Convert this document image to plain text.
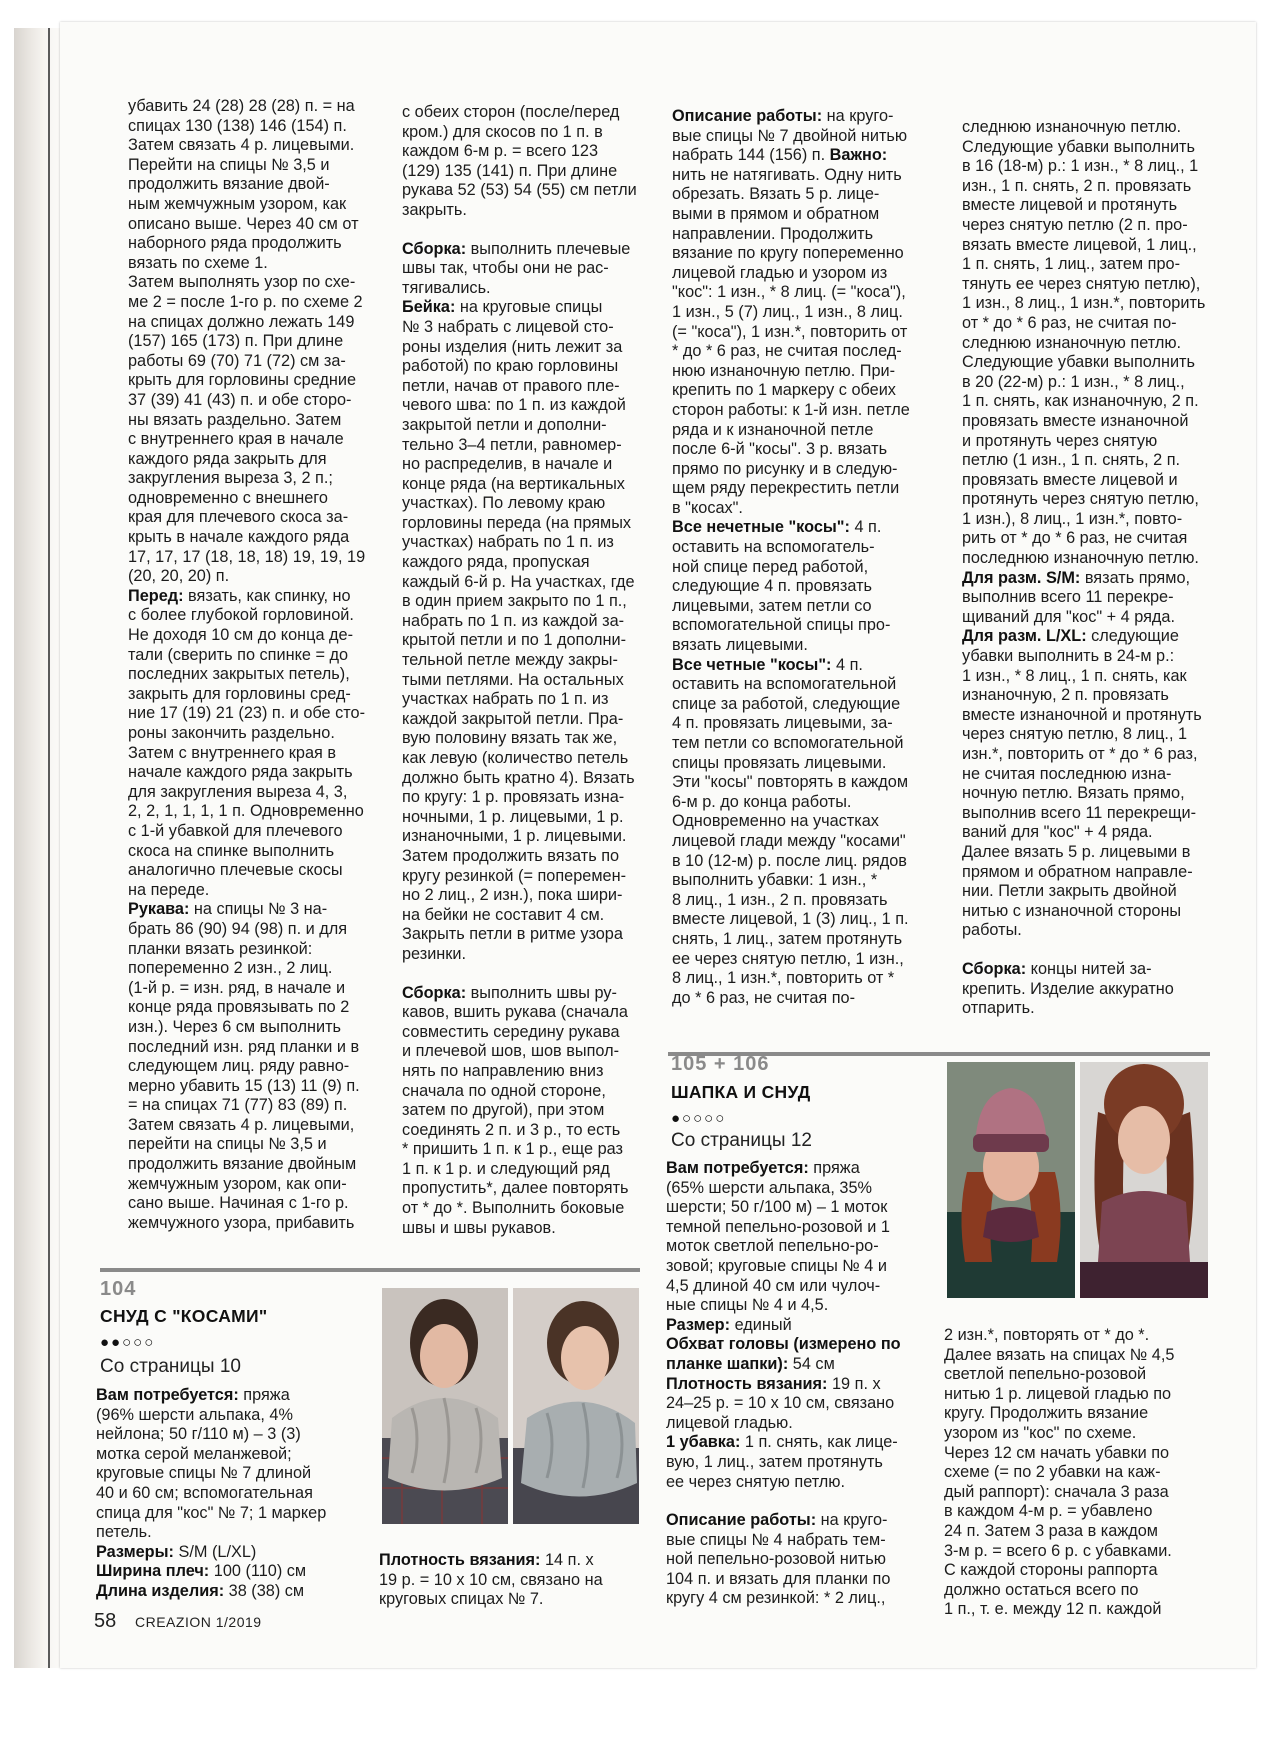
убавить 24 (28) 28 (28) п. = на

спицах 130 (138) 146 (154) п.

Затем связать 4 р. лицевыми.

Перейти на спицы № 3,5 и

продолжить вязание двой-

ным жемчужным узором, как

описано выше. Через 40 см от

наборного ряда продолжить

вязать по схеме 1.

Затем выполнять узор по схе-

ме 2 = после 1-го р. по схеме 2

на спицах должно лежать 149

(157) 165 (173) п. При длине

работы 69 (70) 71 (72) см за-

крыть для горловины средние

37 (39) 41 (43) п. и обе сторо-

ны вязать раздельно. Затем

с внутреннего края в начале

каждого ряда закрыть для

закругления выреза 3, 2 п.;

одновременно с внешнего

края для плечевого скоса за-

крыть в начале каждого ряда

17, 17, 17 (18, 18, 18) 19, 19, 19

(20, 20, 20) п.

Перед: вязать, как спинку, но

с более глубокой горловиной.

Не доходя 10 см до конца де-

тали (сверить по спинке = до

последних закрытых петель),

закрыть для горловины сред-

ние 17 (19) 21 (23) п. и обе сто-

роны закончить раздельно.

Затем с внутреннего края в

начале каждого ряда закрыть

для закругления выреза 4, 3,

2, 2, 1, 1, 1, 1 п. Одновременно

с 1-й убавкой для плечевого

скоса на спинке выполнить

аналогично плечевые скосы

на переде.

Рукава: на спицы № 3 на-

брать 86 (90) 94 (98) п. и для

планки вязать резинкой:

попеременно 2 изн., 2 лиц.

(1-й р. = изн. ряд, в начале и

конце ряда провязывать по 2

изн.). Через 6 см выполнить

последний изн. ряд планки и в

следующем лиц. ряду равно-

мерно убавить 15 (13) 11 (9) п.

= на спицах 71 (77) 83 (89) п.

Затем связать 4 р. лицевыми,

перейти на спицы № 3,5 и

продолжить вязание двойным

жемчужным узором, как опи-

сано выше. Начиная с 1-го р.

жемчужного узора, прибавить

с обеих сторон (после/перед

кром.) для скосов по 1 п. в

каждом 6-м р. = всего 123

(129) 135 (141) п. При длине

рукава 52 (53) 54 (55) см петли

закрыть.

Сборка: выполнить плечевые

швы так, чтобы они не рас-

тягивались.

Бейка: на круговые спицы

№ 3 набрать с лицевой сто-

роны изделия (нить лежит за

работой) по краю горловины

петли, начав от правого пле-

чевого шва: по 1 п. из каждой

закрытой петли и дополни-

тельно 3–4 петли, равномер-

но распределив, в начале и

конце ряда (на вертикальных

участках). По левому краю

горловины переда (на прямых

участках) набрать по 1 п. из

каждого ряда, пропуская

каждый 6-й р. На участках, где

в один прием закрыто по 1 п.,

набрать по 1 п. из каждой за-

крытой петли и по 1 дополни-

тельной петле между закры-

тыми петлями. На остальных

участках набрать по 1 п. из

каждой закрытой петли. Пра-

вую половину вязать так же,

как левую (количество петель

должно быть кратно 4). Вязать

по кругу: 1 р. провязать изна-

ночными, 1 р. лицевыми, 1 р.

изнаночными, 1 р. лицевыми.

Затем продолжить вязать по

кругу резинкой (= поперемен-

но 2 лиц., 2 изн.), пока шири-

на бейки не составит 4 см.

Закрыть петли в ритме узора

резинки.

Сборка: выполнить швы ру-

кавов, вшить рукава (сначала

совместить середину рукава

и плечевой шов, шов выпол-

нять по направлению вниз

сначала по одной стороне,

затем по другой), при этом

соединять 2 п. и 3 р., то есть

* пришить 1 п. к 1 р., еще раз

1 п. к 1 р. и следующий ряд

пропустить*, далее повторять

от * до *. Выполнить боковые

швы и швы рукавов.

Описание работы: на круго-

вые спицы № 7 двойной нитью

набрать 144 (156) п. Важно:

нить не натягивать. Одну нить

обрезать. Вязать 5 р. лице-

выми в прямом и обратном

направлении. Продолжить

вязание по кругу попеременно

лицевой гладью и узором из

"кос": 1 изн., * 8 лиц. (= "коса"),

1 изн., 5 (7) лиц., 1 изн., 8 лиц.

(= "коса"), 1 изн.*, повторить от

* до * 6 раз, не считая послед-

нюю изнаночную петлю. При-

крепить по 1 маркеру с обеих

сторон работы: к 1-й изн. петле

ряда и к изнаночной петле

после 6-й "косы". 3 р. вязать

прямо по рисунку и в следую-

щем ряду перекрестить петли

в "косах".

Все нечетные "косы": 4 п.

оставить на вспомогатель-

ной спице перед работой,

следующие 4 п. провязать

лицевыми, затем петли со

вспомогательной спицы про-

вязать лицевыми.

Все четные "косы": 4 п.

оставить на вспомогательной

спице за работой, следующие

4 п. провязать лицевыми, за-

тем петли со вспомогательной

спицы провязать лицевыми.

Эти "косы" повторять в каждом

6-м р. до конца работы.

Одновременно на участках

лицевой глади между "косами"

в 10 (12-м) р. после лиц. рядов

выполнить убавки: 1 изн., *

8 лиц., 1 изн., 2 п. провязать

вместе лицевой, 1 (3) лиц., 1 п.

снять, 1 лиц., затем протянуть

ее через снятую петлю, 1 изн.,

8 лиц., 1 изн.*, повторить от *

до * 6 раз, не считая по-

следнюю изнаночную петлю.

Следующие убавки выполнить

в 16 (18-м) р.: 1 изн., * 8 лиц., 1

изн., 1 п. снять, 2 п. провязать

вместе лицевой и протянуть

через снятую петлю (2 п. про-

вязать вместе лицевой, 1 лиц.,

1 п. снять, 1 лиц., затем про-

тянуть ее через снятую петлю),

1 изн., 8 лиц., 1 изн.*, повторить

от * до * 6 раз, не считая по-

следнюю изнаночную петлю.

Следующие убавки выполнить

в 20 (22-м) р.: 1 изн., * 8 лиц.,

1 п. снять, как изнаночную, 2 п.

провязать вместе изнаночной

и протянуть через снятую

петлю (1 изн., 1 п. снять, 2 п.

провязать вместе лицевой и

протянуть через снятую петлю,

1 изн.), 8 лиц., 1 изн.*, повто-

рить от * до * 6 раз, не считая

последнюю изнаночную петлю.

Для разм. S/M: вязать прямо,

выполнив всего 11 перекре-

щиваний для "кос" + 4 ряда.

Для разм. L/XL: следующие

убавки выполнить в 24-м р.:

1 изн., * 8 лиц., 1 п. снять, как

изнаночную, 2 п. провязать

вместе изнаночной и протянуть

через снятую петлю, 8 лиц., 1

изн.*, повторить от * до * 6 раз,

не считая последнюю изна-

ночную петлю. Вязать прямо,

выполнив всего 11 перекрещи-

ваний для "кос" + 4 ряда.

Далее вязать 5 р. лицевыми в

прямом и обратном направле-

нии. Петли закрыть двойной

нитью с изнаночной стороны

работы.

Сборка: концы нитей за-

крепить. Изделие аккуратно

отпарить.

104
СНУД С "КОСАМИ"
●●○○○
Со страницы 10

Вам потребуется: пряжа

(96% шерсти альпака, 4%

нейлона; 50 г/110 м) – 3 (3)

мотка серой меланжевой;

круговые спицы № 7 длиной

40 и 60 см; вспомогательная

спица для "кос" № 7; 1 маркер

петель.

Размеры: S/M (L/XL)

Ширина плеч: 100 (110) см

Длина изделия: 38 (38) см

Плотность вязания: 14 п. х

19 р. = 10 х 10 см, связано на

круговых спицах № 7.

105 + 106
ШАПКА И СНУД
●○○○○
Со страницы 12

Вам потребуется: пряжа

(65% шерсти альпака, 35%

шерсти; 50 г/100 м) – 1 моток

темной пепельно-розовой и 1

моток светлой пепельно-ро-

зовой; круговые спицы № 4 и

4,5 длиной 40 см или чулоч-

ные спицы № 4 и 4,5.

Размер: единый

Обхват головы (измерено по

планке шапки): 54 см

Плотность вязания: 19 п. х

24–25 р. = 10 х 10 см, связано

лицевой гладью.

1 убавка: 1 п. снять, как лице-

вую, 1 лиц., затем протянуть

ее через снятую петлю.

Описание работы: на круго-

вые спицы № 4 набрать тем-

ной пепельно-розовой нитью

104 п. и вязать для планки по

кругу 4 см резинкой: * 2 лиц.,

2 изн.*, повторять от * до *.

Далее вязать на спицах № 4,5

светлой пепельно-розовой

нитью 1 р. лицевой гладью по

кругу. Продолжить вязание

узором из "кос" по схеме.

Через 12 см начать убавки по

схеме (= по 2 убавки на каж-

дый раппорт): сначала 3 раза

в каждом 4-м р. = убавлено

24 п. Затем 3 раза в каждом

3-м р. = всего 6 р. с убавками.

С каждой стороны раппорта

должно остаться всего по

1 п., т. е. между 12 п. каждой

58 CREAZION 1/2019
